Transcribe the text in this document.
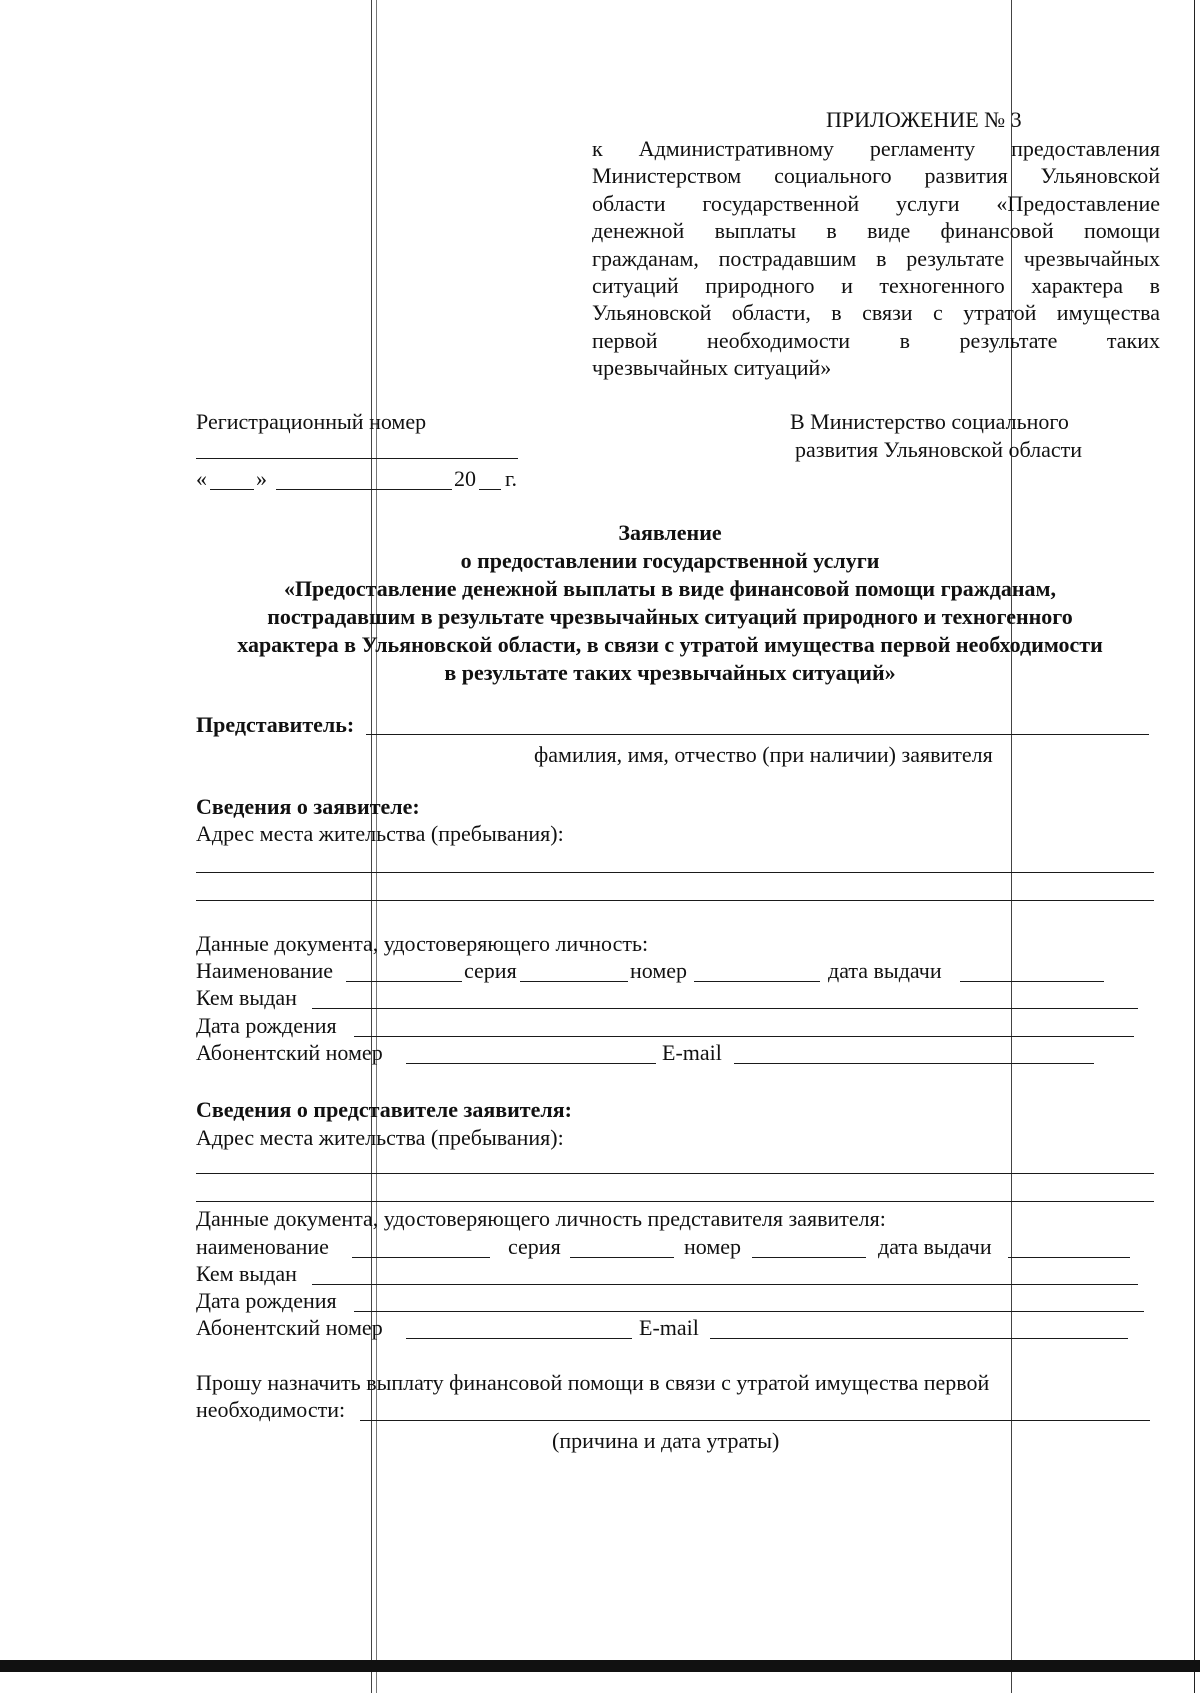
ПРИЛОЖЕНИЕ № 3
к Административному регламенту предоставления
Министерством социального развития Ульяновской
области государственной услуги «Предоставление
денежной выплаты в виде финансовой помощи
гражданам, пострадавшим в результате чрезвычайных
ситуаций природного и техногенного характера в
Ульяновской области, в связи с утратой имущества
первой необходимости в результате таких
чрезвычайных ситуаций»
Регистрационный номер
« »	20 г.
В Министерство социального
развития Ульяновской области
Заявление
о предоставлении государственной услуги
«Предоставление денежной выплаты в виде финансовой помощи гражданам,
пострадавшим в результате чрезвычайных ситуаций природного и техногенного
характера в Ульяновской области, в связи с утратой имущества первой необходимости
в результате таких чрезвычайных ситуаций»
Представитель:
фамилия, имя, отчество (при наличии) заявителя
Сведения о заявителе:
Адрес места жительства (пребывания):
Данные документа, удостоверяющего личность:
Наименование	серия	номер	дата выдачи
Кем выдан
Дата рождения
Абонентский номер	E-mail
Сведения о представителе заявителя:
Адрес места жительства (пребывания):
Данные документа, удостоверяющего личность представителя заявителя:
наименование	серия	номер	дата выдачи
Кем выдан
Дата рождения
Абонентский номер	E-mail
Прошу назначить выплату финансовой помощи в связи с утратой имущества первой
необходимости:
(причина и дата утраты)
